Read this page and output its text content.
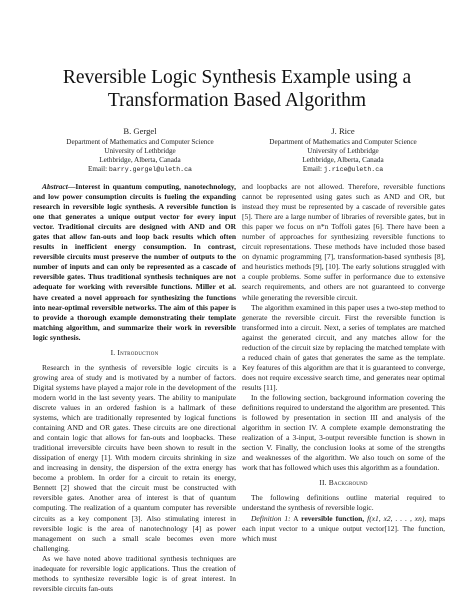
Reversible Logic Synthesis Example using a
Transformation Based Algorithm
B. Gergel
Department of Mathematics and Computer Science
University of Lethbridge
Lethbridge, Alberta, Canada
Email: barry.gergel@uleth.ca
J. Rice
Department of Mathematics and Computer Science
University of Lethbridge
Lethbridge, Alberta, Canada
Email: j.rice@uleth.ca

Abstract—Interest in quantum computing, nanotechnology, and low power consumption circuits is fueling the expanding research in reversible logic synthesis. A reversible function is one that generates a unique output vector for every input vector. Traditional circuits are designed with AND and OR gates that allow fan-outs and loop back results which often results in inefficient energy consumption. In contrast, reversible circuits must preserve the number of outputs to the number of inputs and can only be represented as a cascade of reversible gates. Thus traditional synthesis techniques are not adequate for working with reversible functions. Miller et al. have created a novel approach for synthesizing the functions into near-optimal reversible networks. The aim of this paper is to provide a thorough example demonstrating their template matching algorithm, and summarize their work in reversible logic synthesis.

I. Introduction

Research in the synthesis of reversible logic circuits is a growing area of study and is motivated by a number of factors. Digital systems have played a major role in the development of the modern world in the last seventy years. The ability to manipulate discrete values in an ordered fashion is a hallmark of these systems, which are traditionally represented by logical functions containing AND and OR gates. These circuits are one directional and contain logic that allows for fan-outs and loopbacks. These traditional irreversible circuits have been shown to result in the dissipation of energy [1]. With modern circuits shrinking in size and increasing in density, the dispersion of the extra energy has become a problem. In order for a circuit to retain its energy, Bennett [2] showed that the circuit must be constructed with reversible gates. Another area of interest is that of quantum computing. The realization of a quantum computer has reversible circuits as a key component [3]. Also stimulating interest in reversible logic is the area of nanotechnology [4] as power management on such a small scale becomes even more challenging.

As we have noted above traditional synthesis techniques are inadequate for reversible logic applications. Thus the creation of methods to synthesize reversible logic is of great interest. In reversible circuits fan-outs

and loopbacks are not allowed. Therefore, reversible functions cannot be represented using gates such as AND and OR, but instead they must be represented by a cascade of reversible gates [5]. There are a large number of libraries of reversible gates, but in this paper we focus on n*n Toffoli gates [6]. There have been a number of approaches for synthesizing reversible functions to circuit representations. These methods have included those based on dynamic programming [7], transformation-based synthesis [8], and heuristics methods [9], [10]. The early solutions struggled with a couple problems. Some suffer in performance due to extensive search requirements, and others are not guaranteed to converge while generating the reversible circuit.

The algorithm examined in this paper uses a two-step method to generate the reversible circuit. First the reversible function is transformed into a circuit. Next, a series of templates are matched against the generated circuit, and any matches allow for the reduction of the circuit size by replacing the matched template with a reduced chain of gates that generates the same as the template. Key features of this algorithm are that it is guaranteed to converge, does not require excessive search time, and generates near optimal results [11].

In the following section, background information covering the definitions required to understand the algorithm are presented. This is followed by presentation in section III and analysis of the algorithm in section IV. A complete example demonstrating the realization of a 3-input, 3-output reversible function is shown in section V. Finally, the conclusion looks at some of the strengths and weaknesses of the algorithm. We also touch on some of the work that has followed which uses this algorithm as a foundation.

II. Background

The following definitions outline material required to understand the synthesis of reversible logic.

Definition 1: A reversible function, f(x1, x2, . . . , xn), maps each input vector to a unique output vector[12]. The function, which must
